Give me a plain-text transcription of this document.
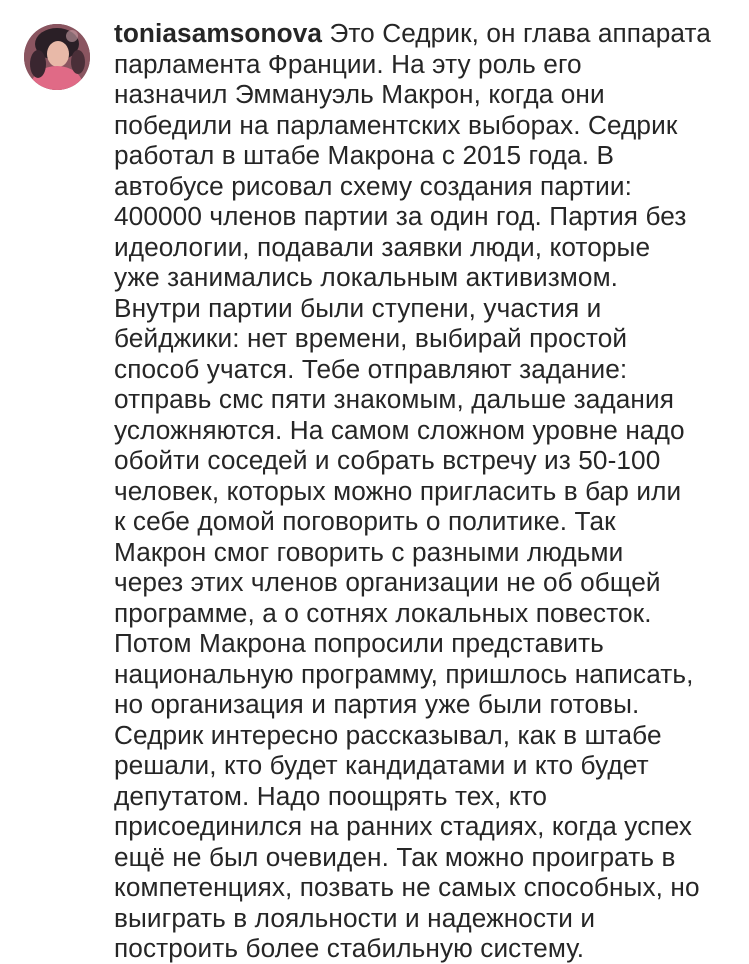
toniasamsonova Это Седрик, он глава аппарата
парламента Франции. На эту роль его
назначил Эммануэль Макрон, когда они
победили на парламентских выборах. Седрик
работал в штабе Макрона с 2015 года. В
автобусе рисовал схему создания партии:
400000 членов партии за один год. Партия без
идеологии, подавали заявки люди, которые
уже занимались локальным активизмом.
Внутри партии были ступени, участия и
бейджики: нет времени, выбирай простой
способ учатся. Тебе отправляют задание:
отправь смс пяти знакомым, дальше задания
усложняются. На самом сложном уровне надо
обойти соседей и собрать встречу из 50-100
человек, которых можно пригласить в бар или
к себе домой поговорить о политике. Так
Макрон смог говорить с разными людьми
через этих членов организации не об общей
программе, а о сотнях локальных повесток.
Потом Макрона попросили представить
национальную программу, пришлось написать,
но организация и партия уже были готовы.
Седрик интересно рассказывал, как в штабе
решали, кто будет кандидатами и кто будет
депутатом. Надо поощрять тех, кто
присоединился на ранних стадиях, когда успех
ещё не был очевиден. Так можно проиграть в
компетенциях, позвать не самых способных, но
выиграть в лояльности и надежности и
построить более стабильную систему.
